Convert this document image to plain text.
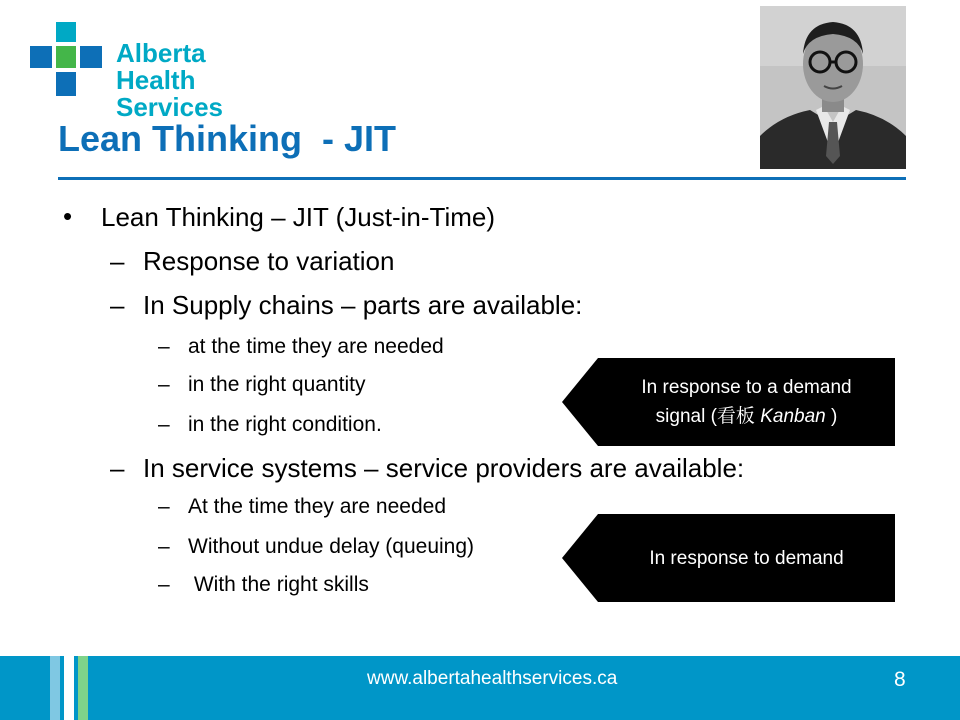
Alberta Health
Services
Lean Thinking  - JIT
• Lean Thinking – JIT (Just-in-Time)
– Response to variation
– In Supply chains – parts are available:
– at the time they are needed
– in the right quantity
– in the right condition.
– In service systems – service providers are available:
– At the time they are needed
– Without undue delay (queuing)
– With the right skills
In response to a demand
signal (看板 Kanban )
In response to demand
www.albertahealthservices.ca	8
